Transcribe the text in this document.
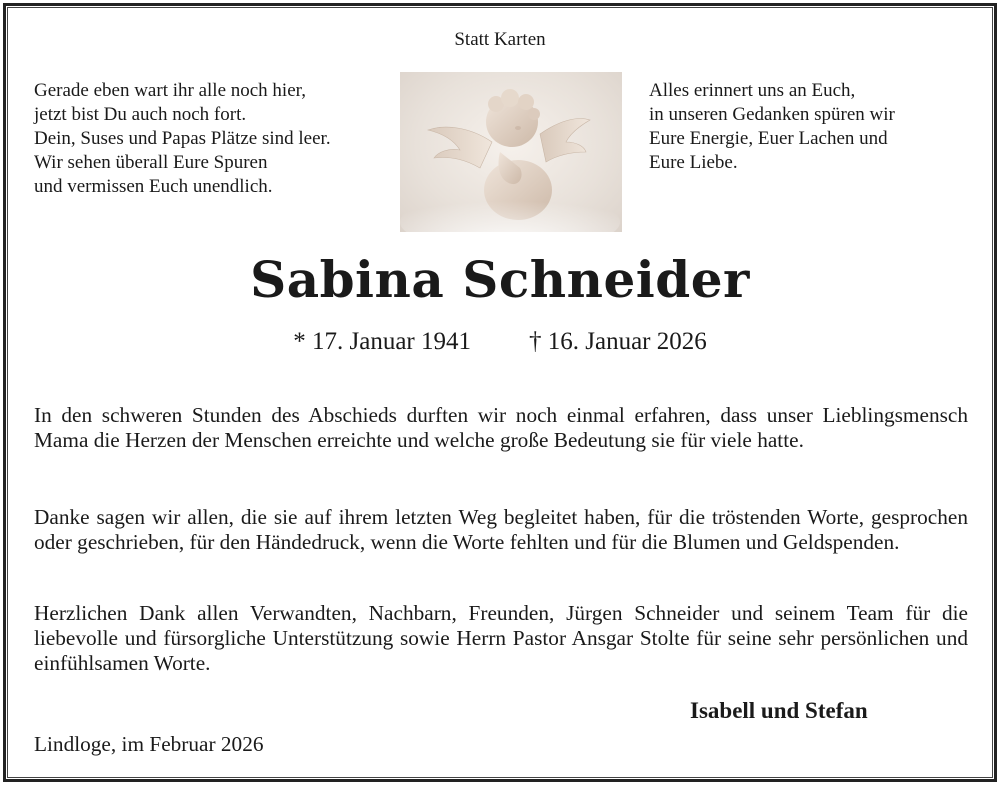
Statt Karten
Gerade eben wart ihr alle noch hier,
jetzt bist Du auch noch fort.
Dein, Suses und Papas Plätze sind leer.
Wir sehen überall Eure Spuren
und vermissen Euch unendlich.
Alles erinnert uns an Euch,
in unseren Gedanken spüren wir
Eure Energie, Euer Lachen und
Eure Liebe.
Sabina Schneider
* 17. Januar 1941 † 16. Januar 2026
In den schweren Stunden des Abschieds durften wir noch einmal erfahren, dass unser Lieblingsmensch Mama die Herzen der Menschen erreichte und welche große Bedeutung sie für viele hatte.
Danke sagen wir allen, die sie auf ihrem letzten Weg begleitet haben, für die tröstenden Worte, gesprochen oder geschrieben, für den Händedruck, wenn die Worte fehlten und für die Blumen und Geldspenden.
Herzlichen Dank allen Verwandten, Nachbarn, Freunden, Jürgen Schneider und seinem Team für die liebevolle und fürsorgliche Unterstützung sowie Herrn Pastor Ansgar Stolte für seine sehr persönlichen und einfühlsamen Worte.
Isabell und Stefan
Lindloge, im Februar 2026
